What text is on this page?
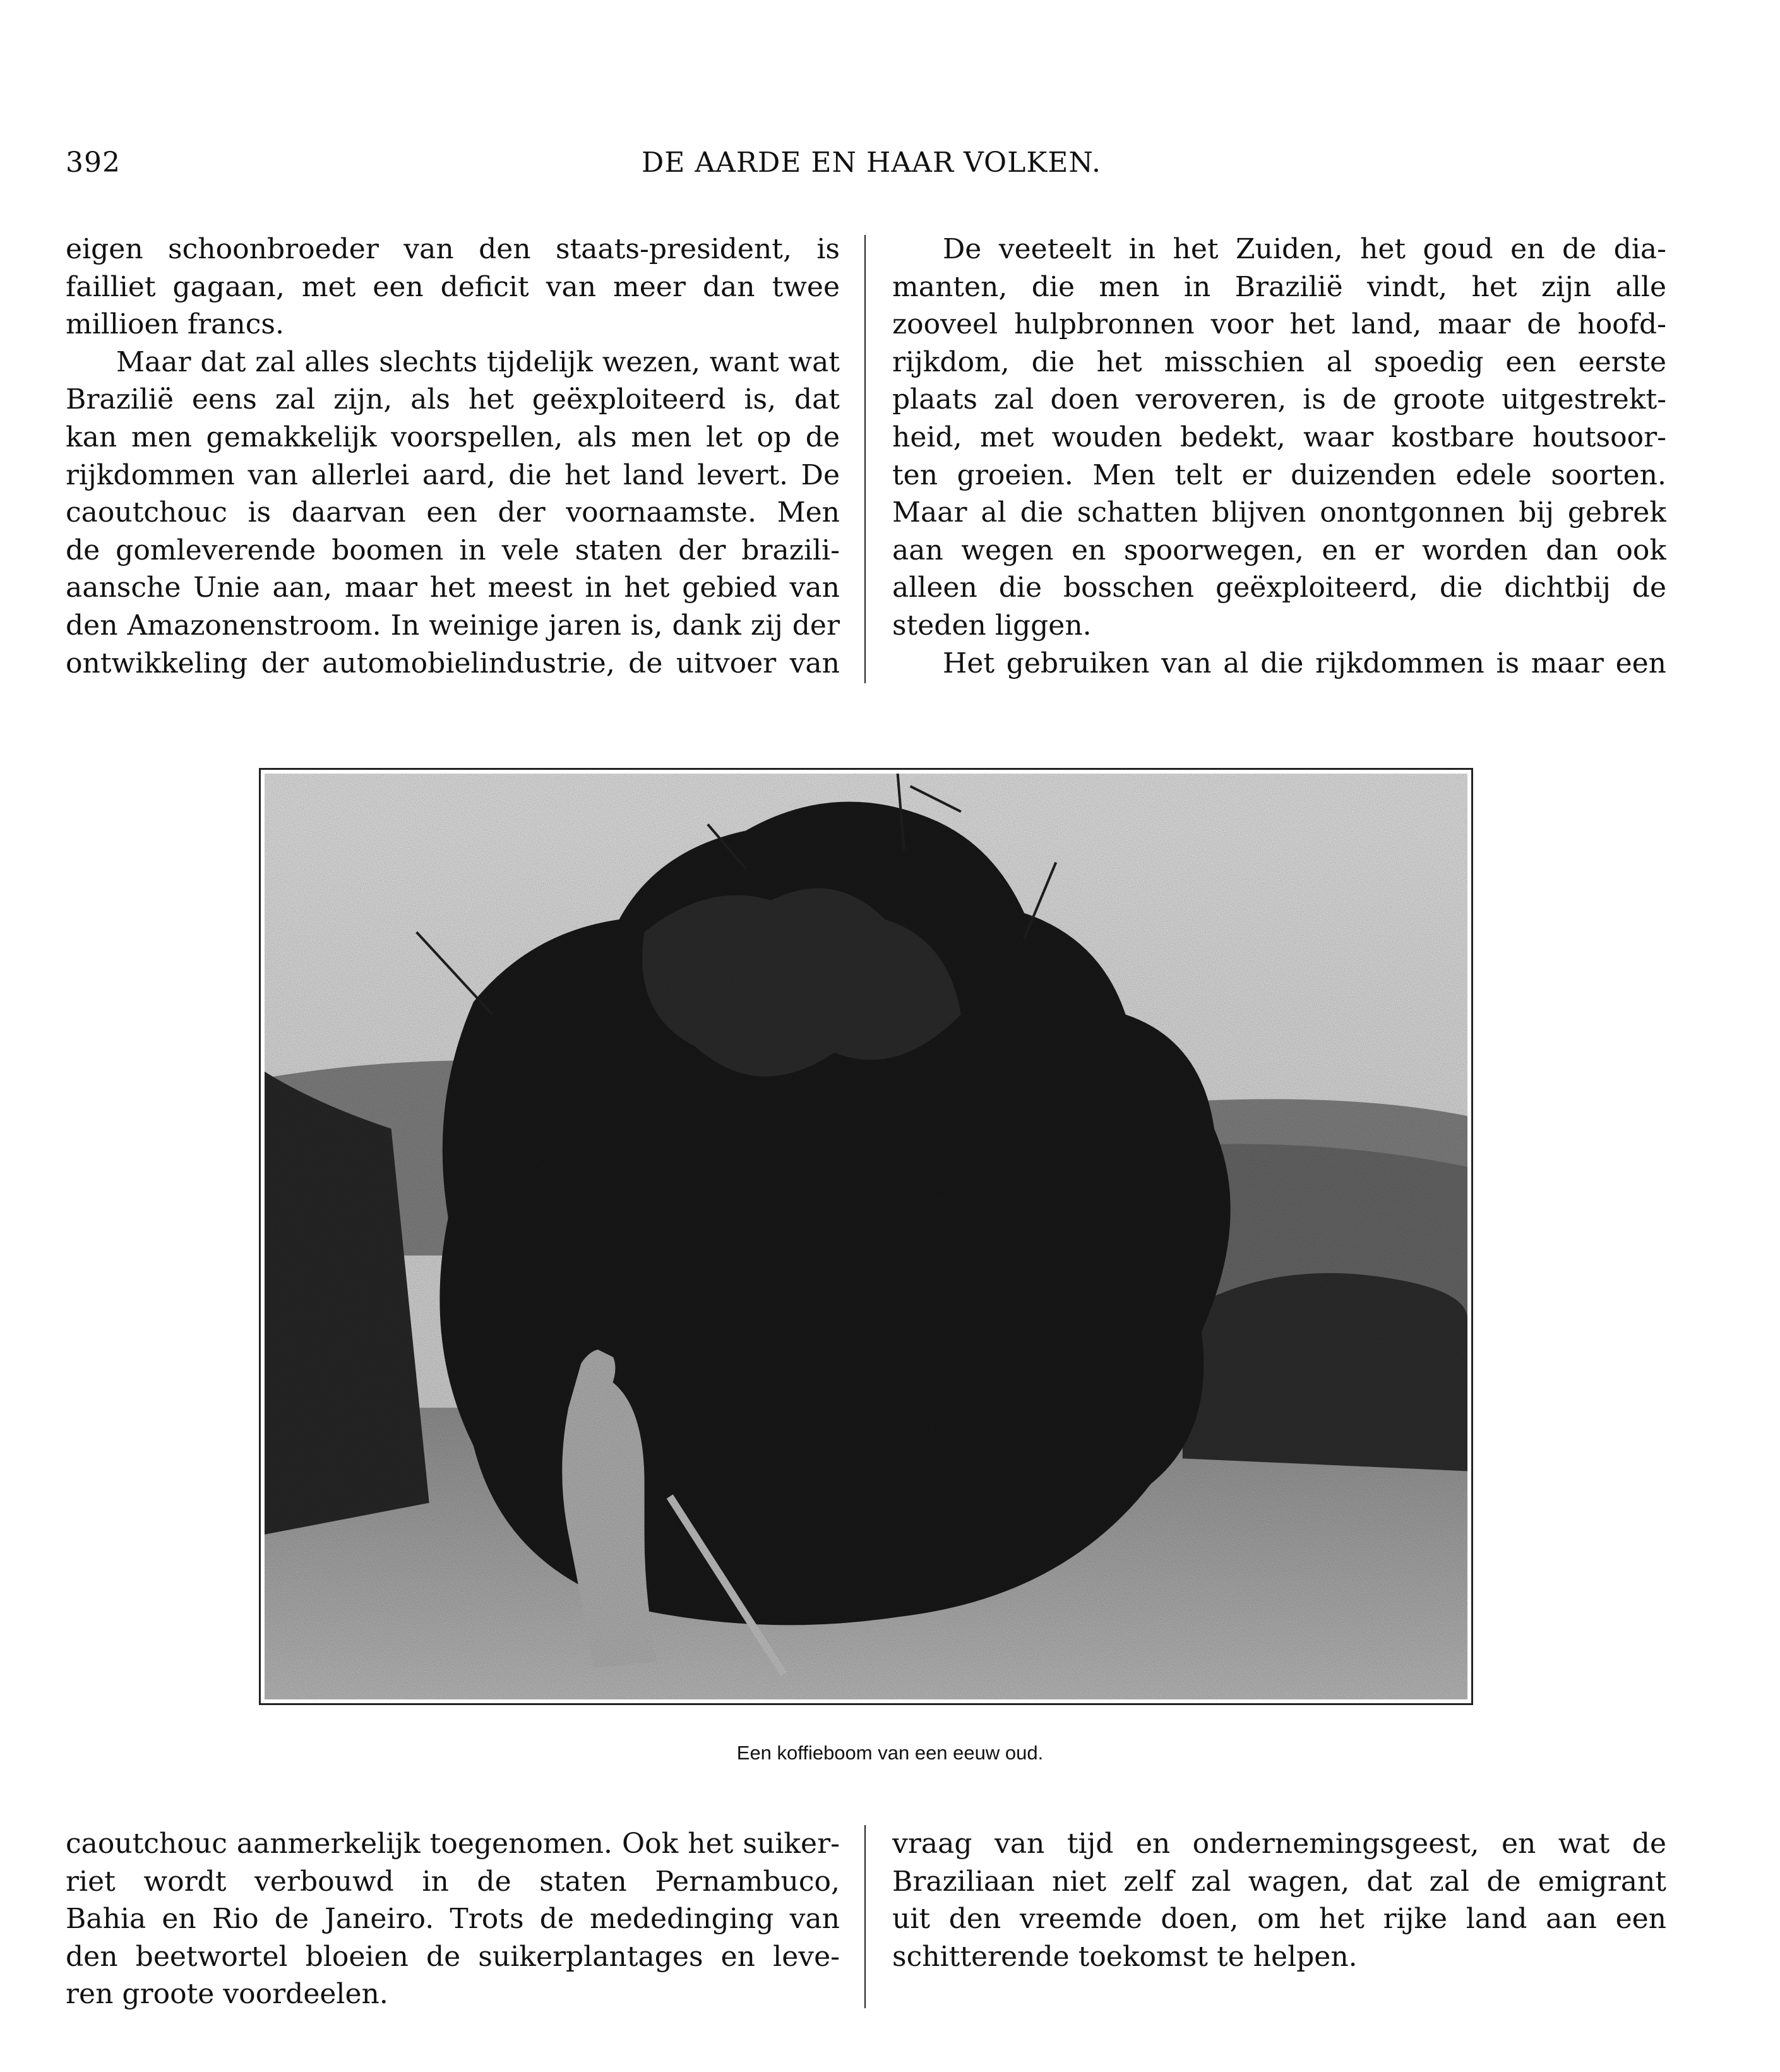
392	DE AARDE EN HAAR VOLKEN.
eigen schoonbroeder van den staats-president, is
failliet gagaan, met een deficit van meer dan twee
millioen francs.
Maar dat zal alles slechts tijdelijk wezen, want wat
Brazilië eens zal zijn, als het geëxploiteerd is, dat
kan men gemakkelijk voorspellen, als men let op de
rijkdommen van allerlei aard, die het land levert. De
caoutchouc is daarvan een der voornaamste. Men
de gomleverende boomen in vele staten der brazili-
aansche Unie aan, maar het meest in het gebied van
den Amazonenstroom. In weinige jaren is, dank zij der
ontwikkeling der automobielindustrie, de uitvoer van
De veeteelt in het Zuiden, het goud en de dia-
manten, die men in Brazilië vindt, het zijn alle
zooveel hulpbronnen voor het land, maar de hoofd-
rijkdom, die het misschien al spoedig een eerste
plaats zal doen veroveren, is de groote uitgestrekt-
heid, met wouden bedekt, waar kostbare houtsoor-
ten groeien. Men telt er duizenden edele soorten.
Maar al die schatten blijven onontgonnen bij gebrek
aan wegen en spoorwegen, en er worden dan ook
alleen die bosschen geëxploiteerd, die dichtbij de
steden liggen.
Het gebruiken van al die rijkdommen is maar een
Een koffieboom van een eeuw oud.
caoutchouc aanmerkelijk toegenomen. Ook het suiker-
riet wordt verbouwd in de staten Pernambuco,
Bahia en Rio de Janeiro. Trots de mededinging van
den beetwortel bloeien de suikerplantages en leve-
ren groote voordeelen.
vraag van tijd en ondernemingsgeest, en wat de
Braziliaan niet zelf zal wagen, dat zal de emigrant
uit den vreemde doen, om het rijke land aan een
schitterende toekomst te helpen.
